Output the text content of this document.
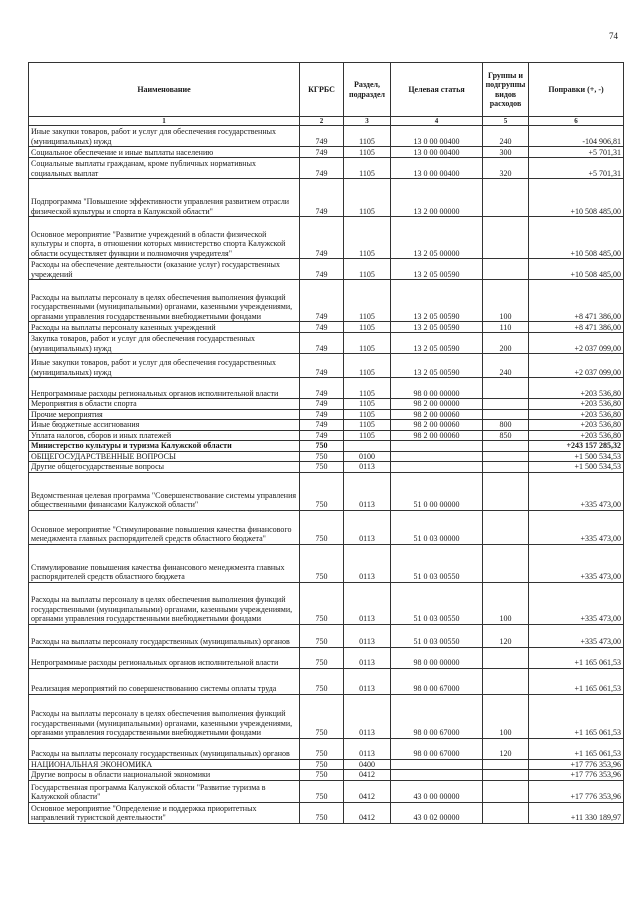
74
Наименование	КГРБС	Раздел, подраздел	Целевая статья	Группы и подгруппы видов расходов	Поправки (+, -)
1	2	3	4	5	6
Иные закупки товаров, работ и услуг для обеспечения государственных (муниципальных) нужд	749	1105	13 0 00 00400	240	-104 906,81
Социальное обеспечение и иные выплаты населению	749	1105	13 0 00 00400	300	+5 701,31
Социальные выплаты гражданам, кроме публичных нормативных социальных выплат	749	1105	13 0 00 00400	320	+5 701,31
Подпрограмма "Повышение эффективности управления развитием отрасли физической культуры и спорта в Калужской области"	749	1105	13 2 00 00000		+10 508 485,00
Основное мероприятие "Развитие учреждений в области физической культуры и спорта, в отношении которых министерство спорта Калужской области осуществляет функции и полномочия учредителя"	749	1105	13 2 05 00000		+10 508 485,00
Расходы на обеспечение деятельности (оказание услуг) государственных учреждений	749	1105	13 2 05 00590		+10 508 485,00
Расходы на выплаты персоналу в целях обеспечения выполнения функций государственными (муниципальными) органами, казенными учреждениями, органами управления государственными внебюджетными фондами	749	1105	13 2 05 00590	100	+8 471 386,00
Расходы на выплаты персоналу казенных учреждений	749	1105	13 2 05 00590	110	+8 471 386,00
Закупка товаров, работ и услуг для обеспечения государственных (муниципальных) нужд	749	1105	13 2 05 00590	200	+2 037 099,00
Иные закупки товаров, работ и услуг для обеспечения государственных (муниципальных) нужд	749	1105	13 2 05 00590	240	+2 037 099,00
Непрограммные расходы региональных органов исполнительной власти	749	1105	98 0 00 00000		+203 536,80
Мероприятия в области спорта	749	1105	98 2 00 00000		+203 536,80
Прочие мероприятия	749	1105	98 2 00 00060		+203 536,80
Иные бюджетные ассигнования	749	1105	98 2 00 00060	800	+203 536,80
Уплата налогов, сборов и иных платежей	749	1105	98 2 00 00060	850	+203 536,80
Министерство культуры и туризма Калужской области	750				+243 157 285,32
ОБЩЕГОСУДАРСТВЕННЫЕ ВОПРОСЫ	750	0100			+1 500 534,53
Другие общегосударственные вопросы	750	0113			+1 500 534,53
Ведомственная целевая программа "Совершенствование системы управления общественными финансами Калужской области"	750	0113	51 0 00 00000		+335 473,00
Основное мероприятие "Стимулирование повышения качества финансового менеджмента главных распорядителей средств областного бюджета"	750	0113	51 0 03 00000		+335 473,00
Стимулирование повышения качества финансового менеджмента главных распорядителей средств областного бюджета	750	0113	51 0 03 00550		+335 473,00
Расходы на выплаты персоналу в целях обеспечения выполнения функций государственными (муниципальными) органами, казенными учреждениями, органами управления государственными внебюджетными фондами	750	0113	51 0 03 00550	100	+335 473,00
Расходы на выплаты персоналу государственных (муниципальных) органов	750	0113	51 0 03 00550	120	+335 473,00
Непрограммные расходы региональных органов исполнительной власти	750	0113	98 0 00 00000		+1 165 061,53
Реализация мероприятий по совершенствованию системы оплаты труда	750	0113	98 0 00 67000		+1 165 061,53
Расходы на выплаты персоналу в целях обеспечения выполнения функций государственными (муниципальными) органами, казенными учреждениями, органами управления государственными внебюджетными фондами	750	0113	98 0 00 67000	100	+1 165 061,53
Расходы на выплаты персоналу государственных (муниципальных) органов	750	0113	98 0 00 67000	120	+1 165 061,53
НАЦИОНАЛЬНАЯ ЭКОНОМИКА	750	0400			+17 776 353,96
Другие вопросы в области национальной экономики	750	0412			+17 776 353,96
Государственная программа Калужской области "Развитие туризма в Калужской области"	750	0412	43 0 00 00000		+17 776 353,96
Основное мероприятие "Определение и поддержка приоритетных направлений туристской деятельности"	750	0412	43 0 02 00000		+11 330 189,97
